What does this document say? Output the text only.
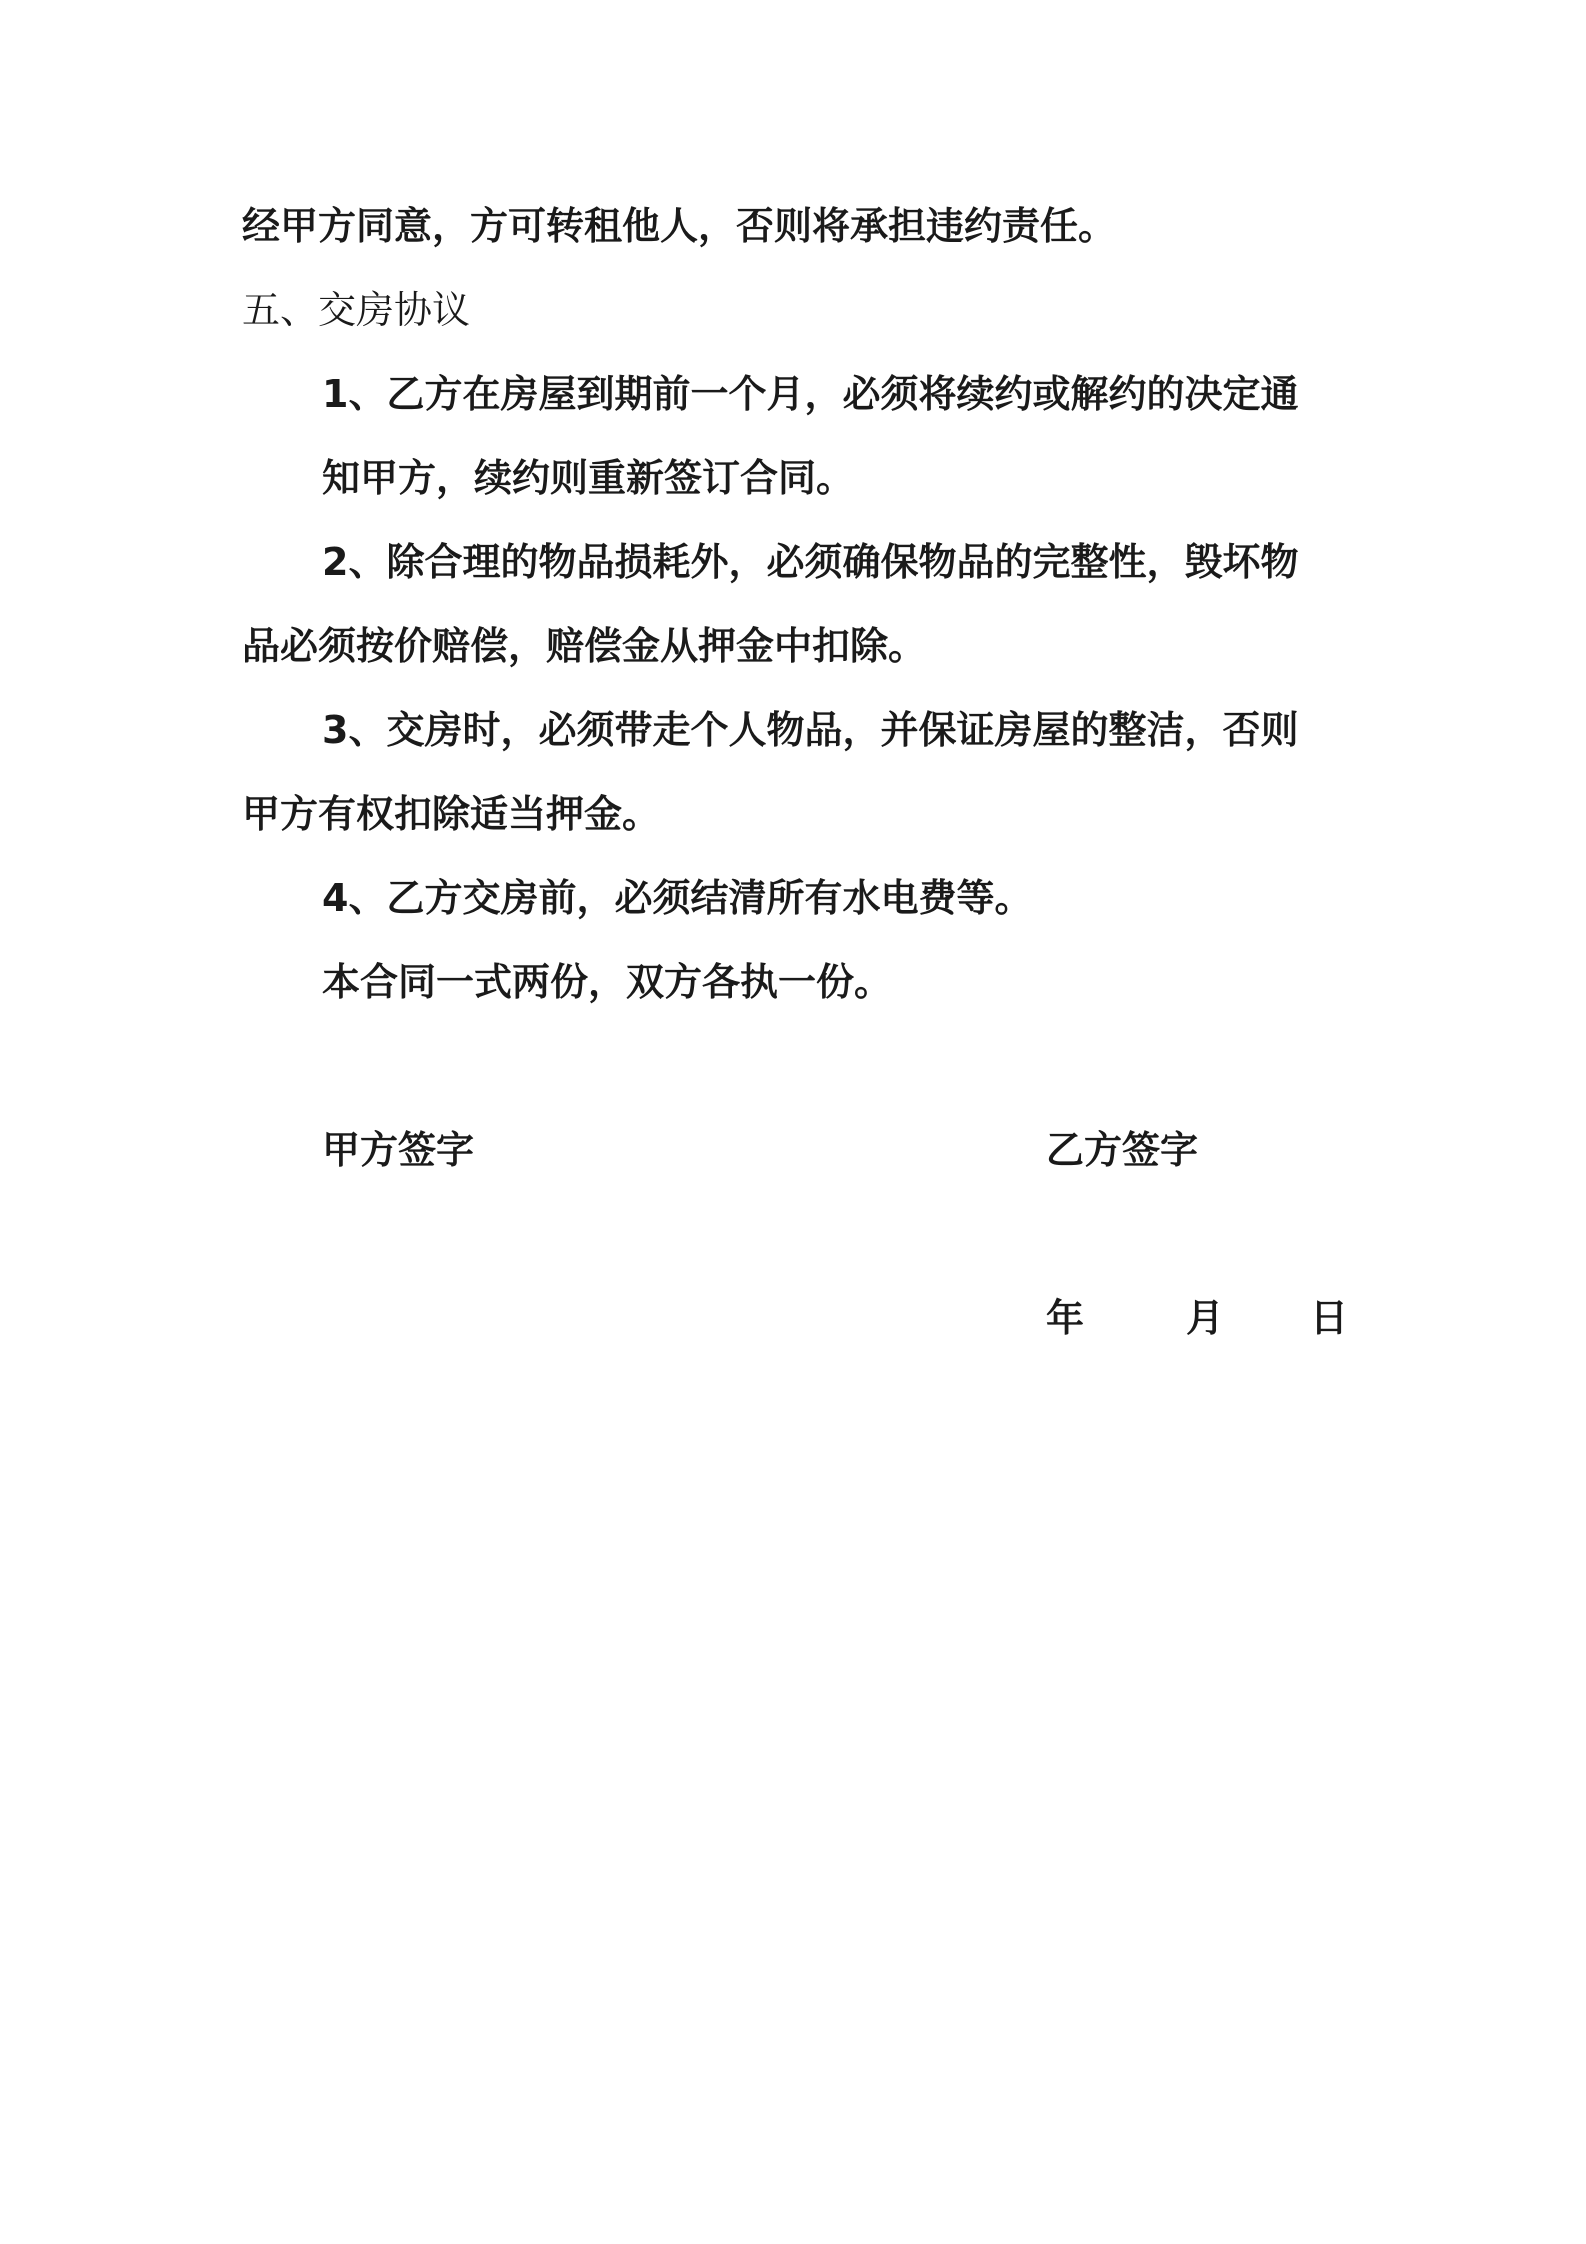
经甲方同意，方可转租他人，否则将承担违约责任。
五、交房协议
1、乙方在房屋到期前一个月，必须将续约或解约的决定通
知甲方，续约则重新签订合同。
2、除合理的物品损耗外，必须确保物品的完整性，毁坏物
品必须按价赔偿，赔偿金从押金中扣除。
3、交房时，必须带走个人物品，并保证房屋的整洁，否则
甲方有权扣除适当押金。
4、乙方交房前，必须结清所有水电费等。
本合同一式两份，双方各执一份。
甲方签字	乙方签字
年	月 日
